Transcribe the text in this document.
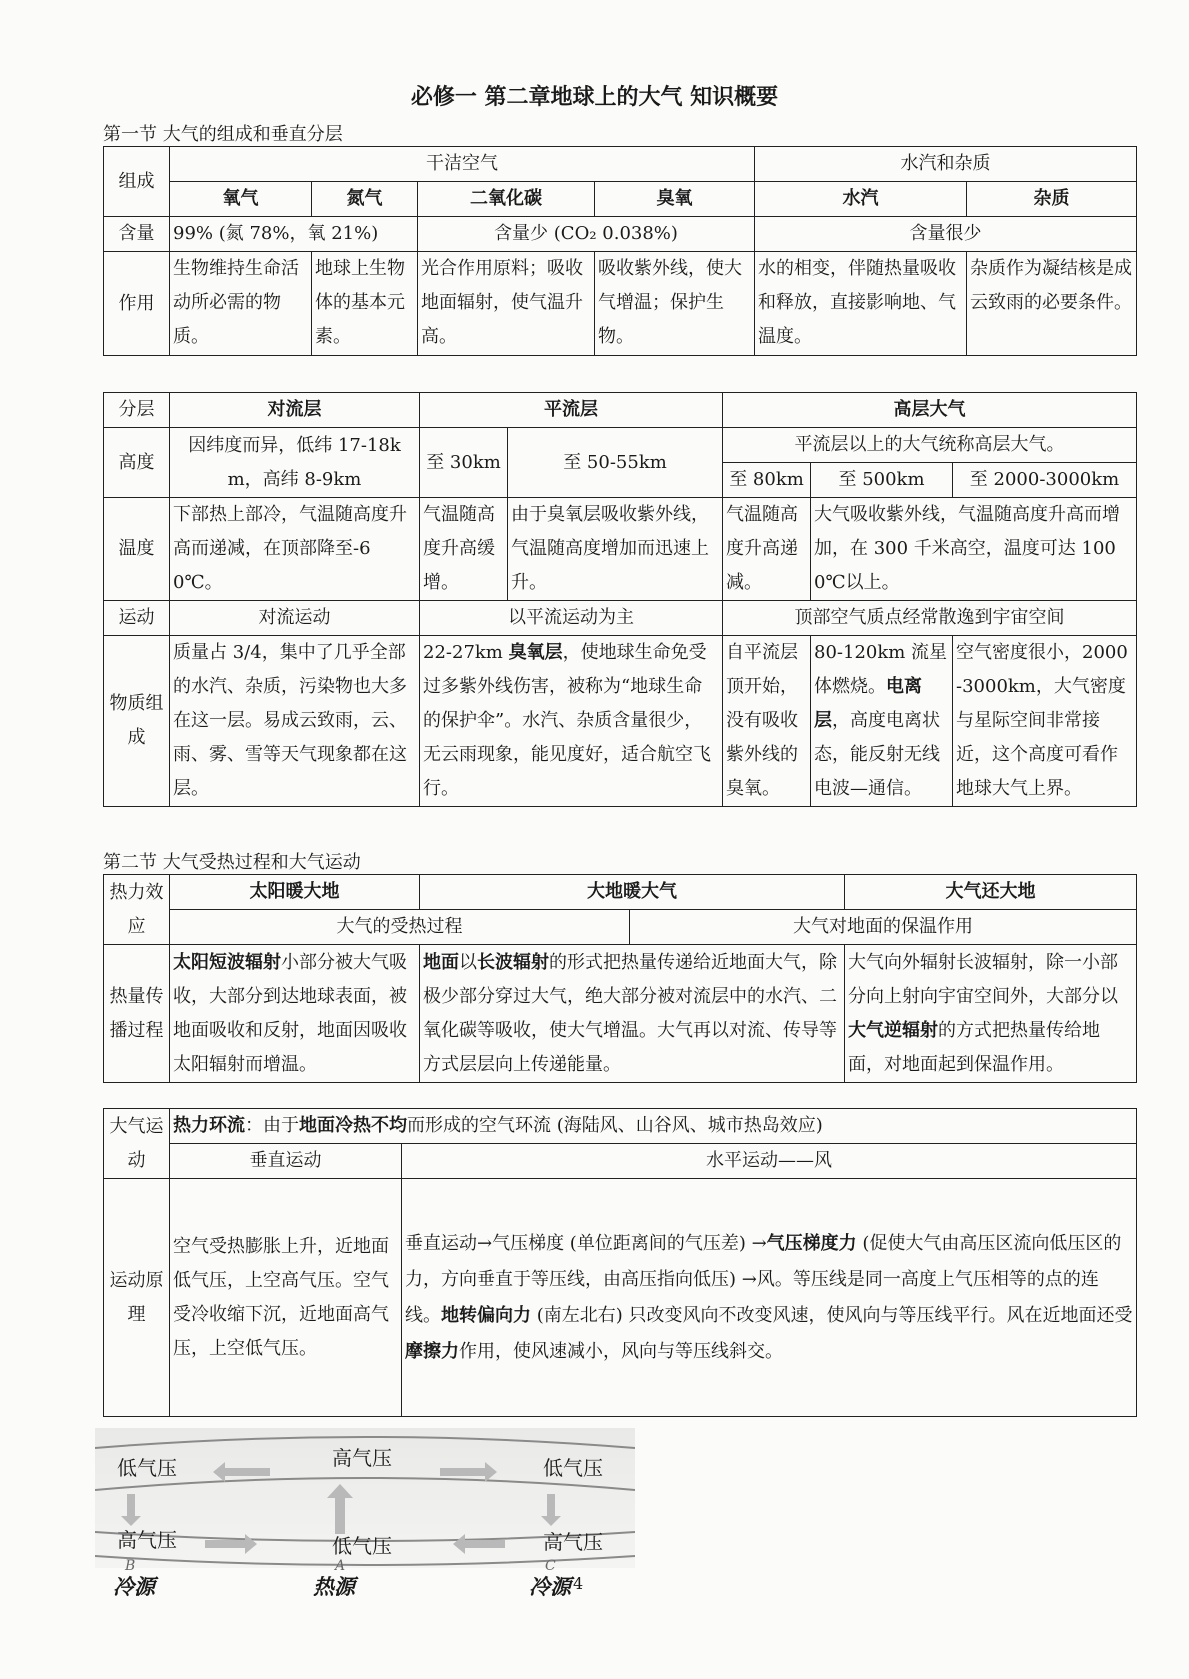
必修一 第二章地球上的大气 知识概要
第一节 大气的组成和垂直分层
组成	干洁空气				水汽和杂质	
	氧气	氮气	二氧化碳	臭氧	水汽	杂质
含量	99% (氮 78%，氧 21%)		含量少 (CO₂ 0.038%)		含量很少	
作用	生物维持生命活动所必需的物质。	地球上生物体的基本元素。	光合作用原料；吸收地面辐射，使气温升高。	吸收紫外线，使大气增温；保护生物。	水的相变，伴随热量吸收和释放，直接影响地、气温度。	杂质作为凝结核是成云致雨的必要条件。
分层	对流层	平流层		高层大气		
高度	因纬度而异，低纬 17-18km，高纬 8-9km	至 30km	至 50-55km	平流层以上的大气统称高层大气。		
				至 80km	至 500km	至 2000-3000km
温度	下部热上部冷，气温随高度升高而递减，在顶部降至-60℃。	气温随高度升高缓增。	由于臭氧层吸收紫外线，气温随高度增加而迅速上升。	气温随高度升高递减。	大气吸收紫外线，气温随高度升高而增加，在 300 千米高空，温度可达 1000℃以上。	
运动	对流运动	以平流运动为主		顶部空气质点经常散逸到宇宙空间		
物质组成	质量占 3/4，集中了几乎全部的水汽、杂质，污染物也大多在这一层。易成云致雨，云、雨、雾、雪等天气现象都在这层。	22-27km 臭氧层，使地球生命免受过多紫外线伤害，被称为“地球生命的保护伞”。水汽、杂质含量很少，无云雨现象，能见度好，适合航空飞行。		自平流层顶开始，没有吸收紫外线的臭氧。	80-120km 流星体燃烧。电离层，高度电离状态，能反射无线电波—通信。	空气密度很小，2000-3000km，大气密度与星际空间非常接近，这个高度可看作地球大气上界。
第二节 大气受热过程和大气运动
热力效应	太阳暖大地	大地暖大气		大气还大地
	大气的受热过程		大气对地面的保温作用	
热量传播过程	太阳短波辐射小部分被大气吸收，大部分到达地球表面，被地面吸收和反射，地面因吸收太阳辐射而增温。	地面以长波辐射的形式把热量传递给近地面大气，除极少部分穿过大气，绝大部分被对流层中的水汽、二氧化碳等吸收，使大气增温。大气再以对流、传导等方式层层向上传递能量。		大气向外辐射长波辐射，除一小部分向上射向宇宙空间外，大部分以大气逆辐射的方式把热量传给地面，对地面起到保温作用。
大气运动	热力环流：由于地面冷热不均而形成的空气环流 (海陆风、山谷风、城市热岛效应)	
	垂直运动	水平运动——风
运动原理	空气受热膨胀上升，近地面低气压，上空高气压。空气受冷收缩下沉，近地面高气压，上空低气压。	垂直运动→气压梯度 (单位距离间的气压差) →气压梯度力 (促使大气由高压区流向低压区的力，方向垂直于等压线，由高压指向低压) →风。等压线是同一高度上气压相等的点的连线。地转偏向力 (南左北右) 只改变风向不改变风速，使风向与等压线平行。风在近地面还受摩擦力作用，使风速减小，风向与等压线斜交。
低气压	高气压	低气压
高气压	低气压	高气压
B	A	C
冷源	热源	冷源 4
